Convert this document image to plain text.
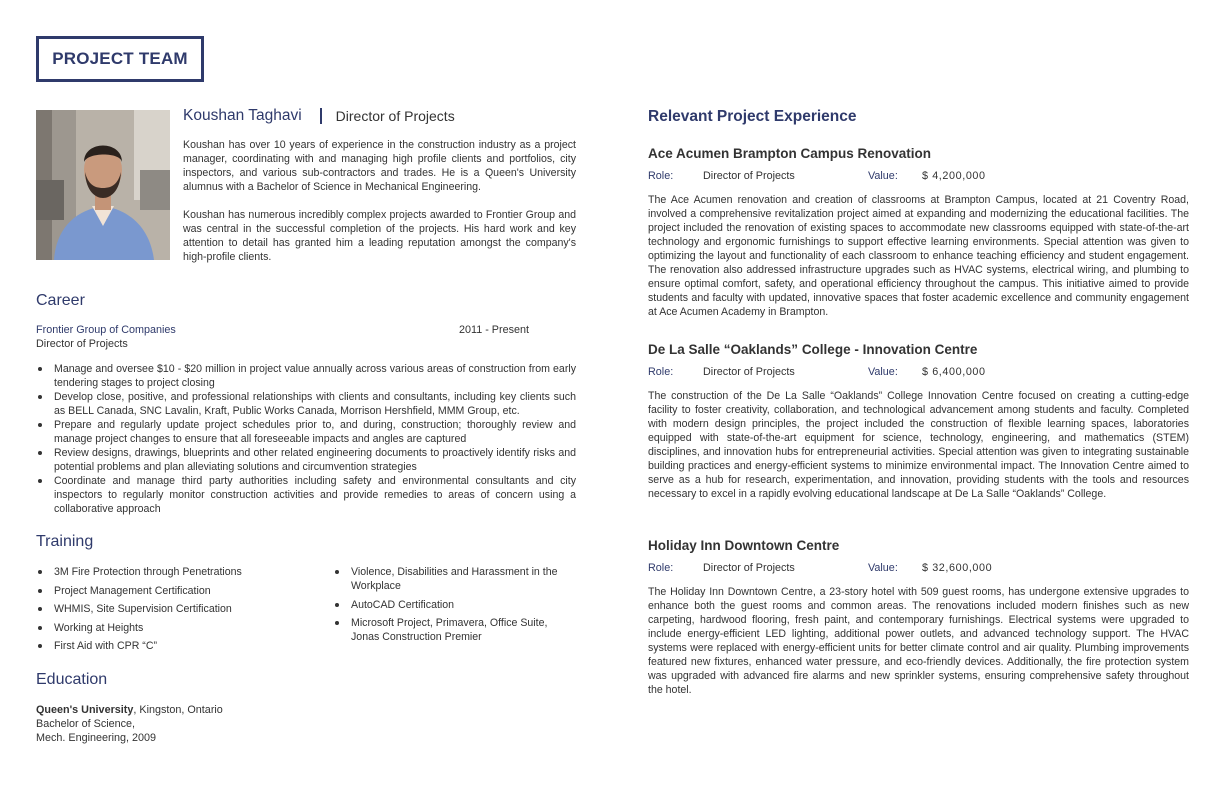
PROJECT TEAM
Koushan Taghavi Director of Projects

Koushan has over 10 years of experience in the construction industry as a project manager, coordinating with and managing high profile clients and portfolios, city inspectors, and various sub-contractors and trades. He is a Queen's University alumnus with a Bachelor of Science in Mechanical Engineering.

Koushan has numerous incredibly complex projects awarded to Frontier Group and was central in the successful completion of the projects. His hard work and key attention to detail has granted him a leading reputation amongst the company's high-profile clients.

Career
Frontier Group of Companies	2011 - Present
Director of Projects
Manage and oversee $10 - $20 million in project value annually across various areas of construction from early tendering stages to project closing
Develop close, positive, and professional relationships with clients and consultants, including key clients such as BELL Canada, SNC Lavalin, Kraft, Public Works Canada, Morrison Hershfield, MMM Group, etc.
Prepare and regularly update project schedules prior to, and during, construction; thoroughly review and manage project changes to ensure that all foreseeable impacts and angles are captured
Review designs, drawings, blueprints and other related engineering documents to proactively identify risks and potential problems and plan alleviating solutions and circumvention strategies
Coordinate and manage third party authorities including safety and environmental consultants and city inspectors to regularly monitor construction activities and provide remedies to areas of concern using a collaborative approach
Training
3M Fire Protection through Penetrations
Project Management Certification
WHMIS, Site Supervision Certification
Working at Heights
First Aid with CPR “C”
Violence, Disabilities and Harassment in the Workplace
AutoCAD Certification
Microsoft Project, Primavera, Office Suite, Jonas Construction Premier
Education
Queen's University, Kingston, Ontario
Bachelor of Science,
Mech. Engineering, 2009
Relevant Project Experience
Ace Acumen Brampton Campus Renovation
Role:	Director of Projects	Value: $ 4,200,000

The Ace Acumen renovation and creation of classrooms at Brampton Campus, located at 21 Coventry Road, involved a comprehensive revitalization project aimed at expanding and modernizing the educational facilities. The project included the renovation of existing spaces to accommodate new classrooms equipped with state-of-the-art technology and ergonomic furnishings to support effective learning environments. Special attention was given to optimizing the layout and functionality of each classroom to enhance teaching efficiency and student engagement. The renovation also addressed infrastructure upgrades such as HVAC systems, electrical wiring, and plumbing to ensure optimal comfort, safety, and operational efficiency throughout the campus. This initiative aimed to provide students and faculty with updated, innovative spaces that foster academic excellence and community engagement at Ace Acumen Academy in Brampton.

De La Salle “Oaklands” College - Innovation Centre
Role:	Director of Projects	Value: $ 6,400,000

The construction of the De La Salle “Oaklands” College Innovation Centre focused on creating a cutting-edge facility to foster creativity, collaboration, and technological advancement among students and faculty. Completed with modern design principles, the project included the construction of flexible learning spaces, laboratories equipped with state-of-the-art equipment for science, technology, engineering, and mathematics (STEM) disciplines, and innovation hubs for entrepreneurial activities. Special attention was given to integrating sustainable building practices and energy-efficient systems to minimize environmental impact. The Innovation Centre aimed to serve as a hub for research, experimentation, and innovation, providing students with the tools and resources necessary to excel in a rapidly evolving educational landscape at De La Salle “Oaklands” College.

Holiday Inn Downtown Centre
Role:	Director of Projects	Value: $ 32,600,000

The Holiday Inn Downtown Centre, a 23-story hotel with 509 guest rooms, has undergone extensive upgrades to enhance both the guest rooms and common areas. The renovations included modern finishes such as new carpeting, hardwood flooring, fresh paint, and contemporary furnishings. Electrical systems were upgraded to include energy-efficient LED lighting, additional power outlets, and advanced technology support. The HVAC systems were replaced with energy-efficient units for better climate control and air quality. Plumbing improvements featured new fixtures, enhanced water pressure, and eco-friendly devices. Additionally, the fire protection system was upgraded with advanced fire alarms and new sprinkler systems, ensuring comprehensive safety throughout the hotel.
